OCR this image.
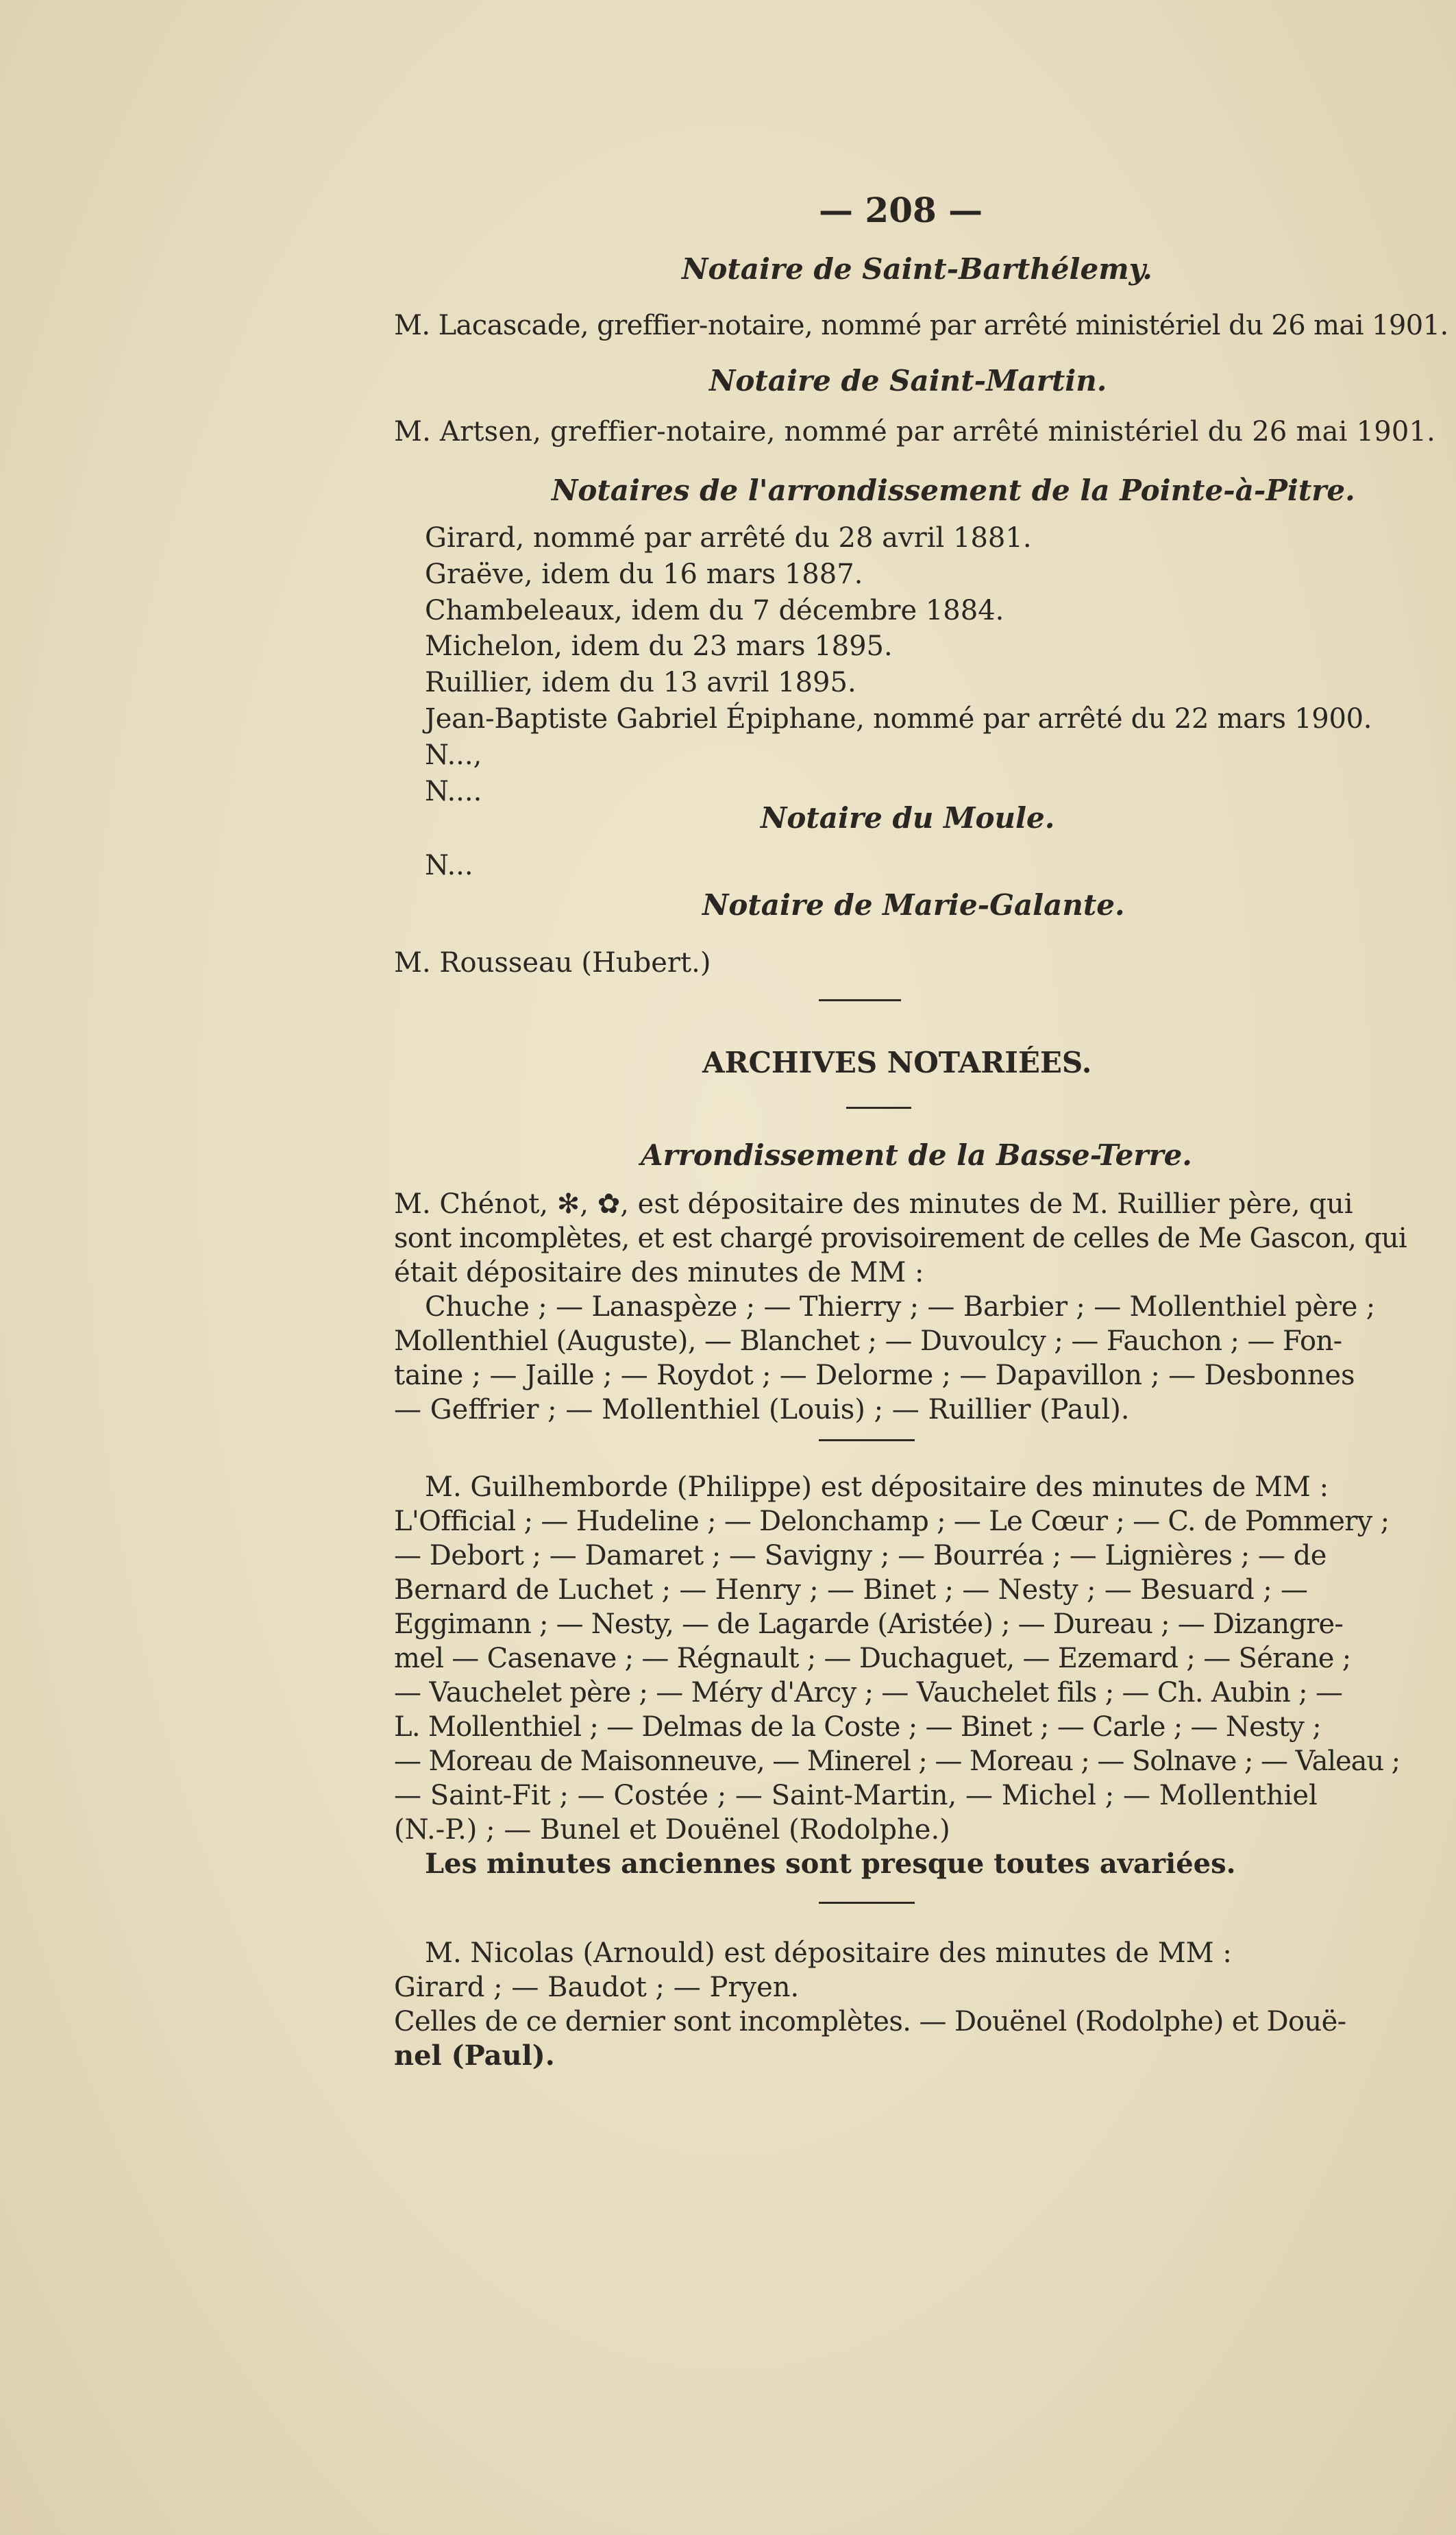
— 208 —
Notaire de Saint-Barthélemy.
M. Lacascade, greffier-notaire, nommé par arrêté ministériel du 26 mai 1901.
Notaire de Saint-Martin.
M. Artsen, greffier-notaire, nommé par arrêté ministériel du 26 mai 1901.
Notaires de l'arrondissement de la Pointe-à-Pitre.
Girard, nommé par arrêté du 28 avril 1881.
Graëve, idem du 16 mars 1887.
Chambeleaux, idem du 7 décembre 1884.
Michelon, idem du 23 mars 1895.
Ruillier, idem du 13 avril 1895.
Jean-Baptiste Gabriel Épiphane, nommé par arrêté du 22 mars 1900.
N...,
N....
Notaire du Moule.
N...
Notaire de Marie-Galante.
M. Rousseau (Hubert.)
ARCHIVES NOTARIÉES.
Arrondissement de la Basse-Terre.
M. Chénot, ✻, ✿, est dépositaire des minutes de M. Ruillier père, qui
sont incomplètes, et est chargé provisoirement de celles de Me Gascon, qui
était dépositaire des minutes de MM :
Chuche ; — Lanaspèze ; — Thierry ; — Barbier ; — Mollenthiel père ;
Mollenthiel (Auguste), — Blanchet ; — Duvoulcy ; — Fauchon ; — Fon-
taine ; — Jaille ; — Roydot ; — Delorme ; — Dapavillon ; — Desbonnes
— Geffrier ; — Mollenthiel (Louis) ; — Ruillier (Paul).
M. Guilhemborde (Philippe) est dépositaire des minutes de MM :
L'Official ; — Hudeline ; — Delonchamp ; — Le Cœur ; — C. de Pommery ;
— Debort ; — Damaret ; — Savigny ; — Bourréa ; — Lignières ; — de
Bernard de Luchet ; — Henry ; — Binet ; — Nesty ; — Besuard ; —
Eggimann ; — Nesty, — de Lagarde (Aristée) ; — Dureau ; — Dizangre-
mel — Casenave ; — Régnault ; — Duchaguet, — Ezemard ; — Sérane ;
— Vauchelet père ; — Méry d'Arcy ; — Vauchelet fils ; — Ch. Aubin ; —
L. Mollenthiel ; — Delmas de la Coste ; — Binet ; — Carle ; — Nesty ;
— Moreau de Maisonneuve, — Minerel ; — Moreau ; — Solnave ; — Valeau ;
— Saint-Fit ; — Costée ; — Saint-Martin, — Michel ; — Mollenthiel
(N.-P.) ; — Bunel et Douënel (Rodolphe.)
Les minutes anciennes sont presque toutes avariées.
M. Nicolas (Arnould) est dépositaire des minutes de MM :
Girard ; — Baudot ; — Pryen.
Celles de ce dernier sont incomplètes. — Douënel (Rodolphe) et Douë-
nel (Paul).
